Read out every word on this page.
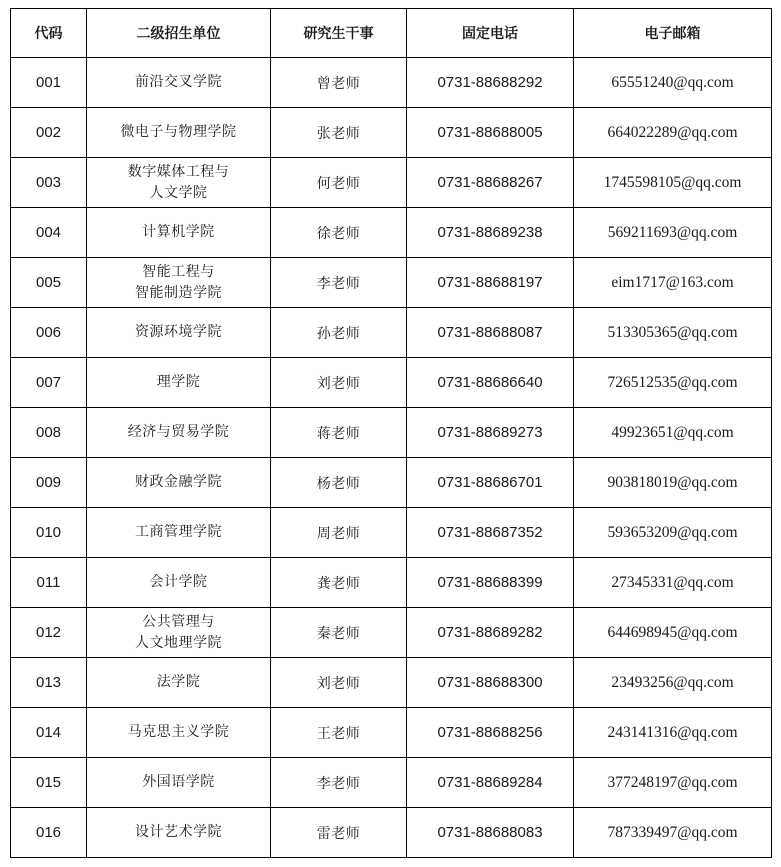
代码	二级招生单位	研究生干事	固定电话	电子邮箱
001	前沿交叉学院	曾老师	0731-88688292	65551240@qq.com
002	微电子与物理学院	张老师	0731-88688005	664022289@qq.com
003	数字媒体工程与
人文学院	何老师	0731-88688267	1745598105@qq.com
004	计算机学院	徐老师	0731-88689238	569211693@qq.com
005	智能工程与
智能制造学院	李老师	0731-88688197	eim1717@163.com
006	资源环境学院	孙老师	0731-88688087	513305365@qq.com
007	理学院	刘老师	0731-88686640	726512535@qq.com
008	经济与贸易学院	蒋老师	0731-88689273	49923651@qq.com
009	财政金融学院	杨老师	0731-88686701	903818019@qq.com
010	工商管理学院	周老师	0731-88687352	593653209@qq.com
011	会计学院	龚老师	0731-88688399	27345331@qq.com
012	公共管理与
人文地理学院	秦老师	0731-88689282	644698945@qq.com
013	法学院	刘老师	0731-88688300	23493256@qq.com
014	马克思主义学院	王老师	0731-88688256	243141316@qq.com
015	外国语学院	李老师	0731-88689284	377248197@qq.com
016	设计艺术学院	雷老师	0731-88688083	787339497@qq.com
